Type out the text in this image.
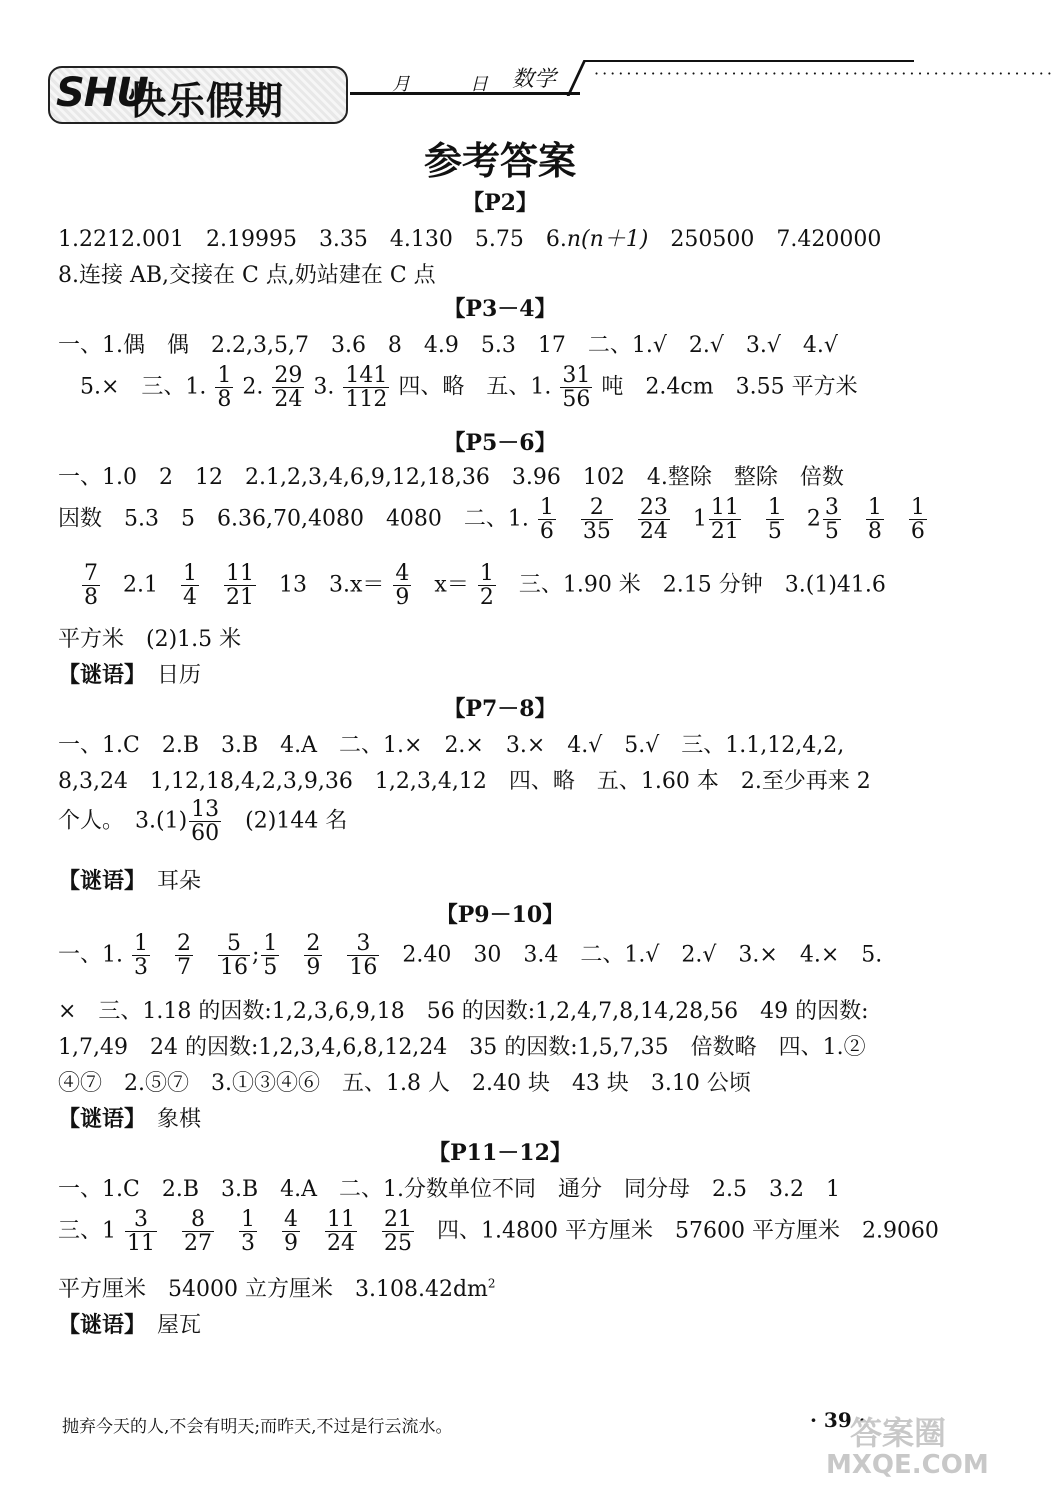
SHU
快乐假期
·························································
月	日 数学
参考答案
【P2】
1.2212.001　2.19995　3.35　4.130　5.75　6.n(n＋1)　250500　7.420000
8.连接 AB,交接在 C 点,奶站建在 C 点
【P3－4】
一、1.偶　偶　2.2,3,5,7　3.6　8　4.9　5.3　17　二、1.√　2.√　3.√　4.√
5.×　三、1. $\frac{1}{8} 2$. $\frac{29}{24} 3$. $\frac{141}{112}$ 四、略　五、1. $\frac{31}{56}$ 吨　2.4cm　3.55 平方米
【P5－6】
一、1.0　2　12　2.1,2,3,4,6,9,12,18,36　3.96　102　4.整除　整除　倍数
因数　5.3　5　6.36,70,4080　4080　二、1. $\frac{1}{6}$
$\frac{2}{35}$
$\frac{23}{24} 1 \frac{11}{21}$
$\frac{1}{5} 2 \frac{3}{5}$
$\frac{1}{8}$
$\frac{1}{6}$
$\frac{7}{8} 2.1 \frac{1}{4}$
$\frac{11}{21} 13$　$3.x= \frac{4}{9} x= \frac{1}{2}$ 三、1.90 米　2.15 分钟　3.(1)41.6
平方米　(2)1.5 米
【谜语】　 日历
【P7－8】
一、1.C　2.B　3.B　4.A　二、1.×　2.×　3.×　4.√　5.√　三、1.1,12,4,2,
8,3,24　1,12,18,4,2,3,9,36　1,2,3,4,12　四、略　五、1.60 本　2.至少再来 2
个人。　$3.(1) \frac{13}{60}$
　 (2)144 名
【谜语】　 耳朵
【P9－10】
一、1. $\frac{1}{3}$
$\frac{2}{7}$
$\frac{5}{16}$ ; $\frac{1}{5}$
$\frac{2}{9}$
$\frac{3}{16} 2.40$　30　3.4　二、1.√　2.√　3.×　4.×　5.
×　三、1.18 的因数:1,2,3,6,9,18　56 的因数:1,2,4,7,8,14,28,56　49 的因数:
1,7,49　24 的因数:1,2,3,4,6,8,12,24　35 的因数:1,5,7,35　倍数略　四、1.②
④⑦　2.⑤⑦　3.①③④⑥　五、1.8 人　2.40 块　43 块　3.10 公顷
【谜语】　 象棋
【P11－12】
一、1.C　2.B　3.B　4.A　二、1.分数单位不同　通分　同分母　2.5　3.2　1
三、$1 \frac{3}{11}$
$\frac{8}{27}$
$\frac{1}{3}$
$\frac{4}{9}$
$\frac{11}{24}$
$\frac{21}{25}$ 四、1.4800 平方厘米　57600 平方厘米　2.9060
平方厘米　54000 立方厘米　$3.108.42dm^2$
【谜语】　 屋瓦
抛弃今天的人,不会有明天;而昨天,不过是行云流水。	· 39 ·
答案圈
MXQE.COM
